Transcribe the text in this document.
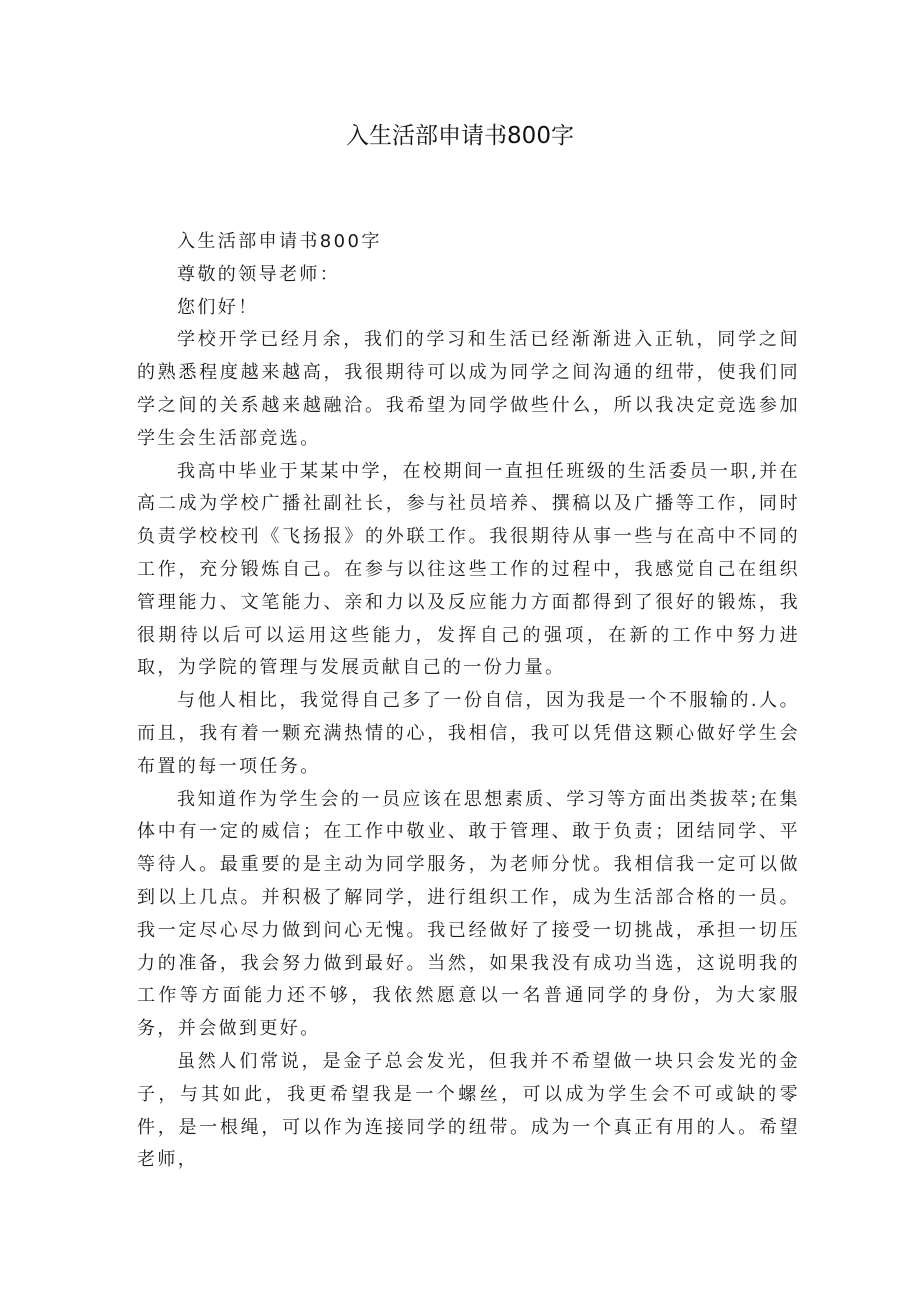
入生活部申请书800字

入生活部申请书800字

尊敬的领导老师：

您们好！

学校开学已经月余，我们的学习和生活已经渐渐进入正轨，同学之间的熟悉程度越来越高，我很期待可以成为同学之间沟通的纽带，使我们同学之间的关系越来越融洽。我希望为同学做些什么，所以我决定竞选参加学生会生活部竞选。

我高中毕业于某某中学，在校期间一直担任班级的生活委员一职,并在高二成为学校广播社副社长，参与社员培养、撰稿以及广播等工作，同时负责学校校刊《飞扬报》的外联工作。我很期待从事一些与在高中不同的工作，充分锻炼自己。在参与以往这些工作的过程中，我感觉自己在组织管理能力、文笔能力、亲和力以及反应能力方面都得到了很好的锻炼，我很期待以后可以运用这些能力，发挥自己的强项，在新的工作中努力进取，为学院的管理与发展贡献自己的一份力量。

与他人相比，我觉得自己多了一份自信，因为我是一个不服输的.人。而且，我有着一颗充满热情的心，我相信，我可以凭借这颗心做好学生会布置的每一项任务。

我知道作为学生会的一员应该在思想素质、学习等方面出类拔萃;在集体中有一定的威信；在工作中敬业、敢于管理、敢于负责；团结同学、平等待人。最重要的是主动为同学服务，为老师分忧。我相信我一定可以做到以上几点。并积极了解同学，进行组织工作，成为生活部合格的一员。我一定尽心尽力做到问心无愧。我已经做好了接受一切挑战，承担一切压力的准备，我会努力做到最好。当然，如果我没有成功当选，这说明我的工作等方面能力还不够，我依然愿意以一名普通同学的身份，为大家服务，并会做到更好。

虽然人们常说，是金子总会发光，但我并不希望做一块只会发光的金子，与其如此，我更希望我是一个螺丝，可以成为学生会不可或缺的零件，是一根绳，可以作为连接同学的纽带。成为一个真正有用的人。希望老师，
